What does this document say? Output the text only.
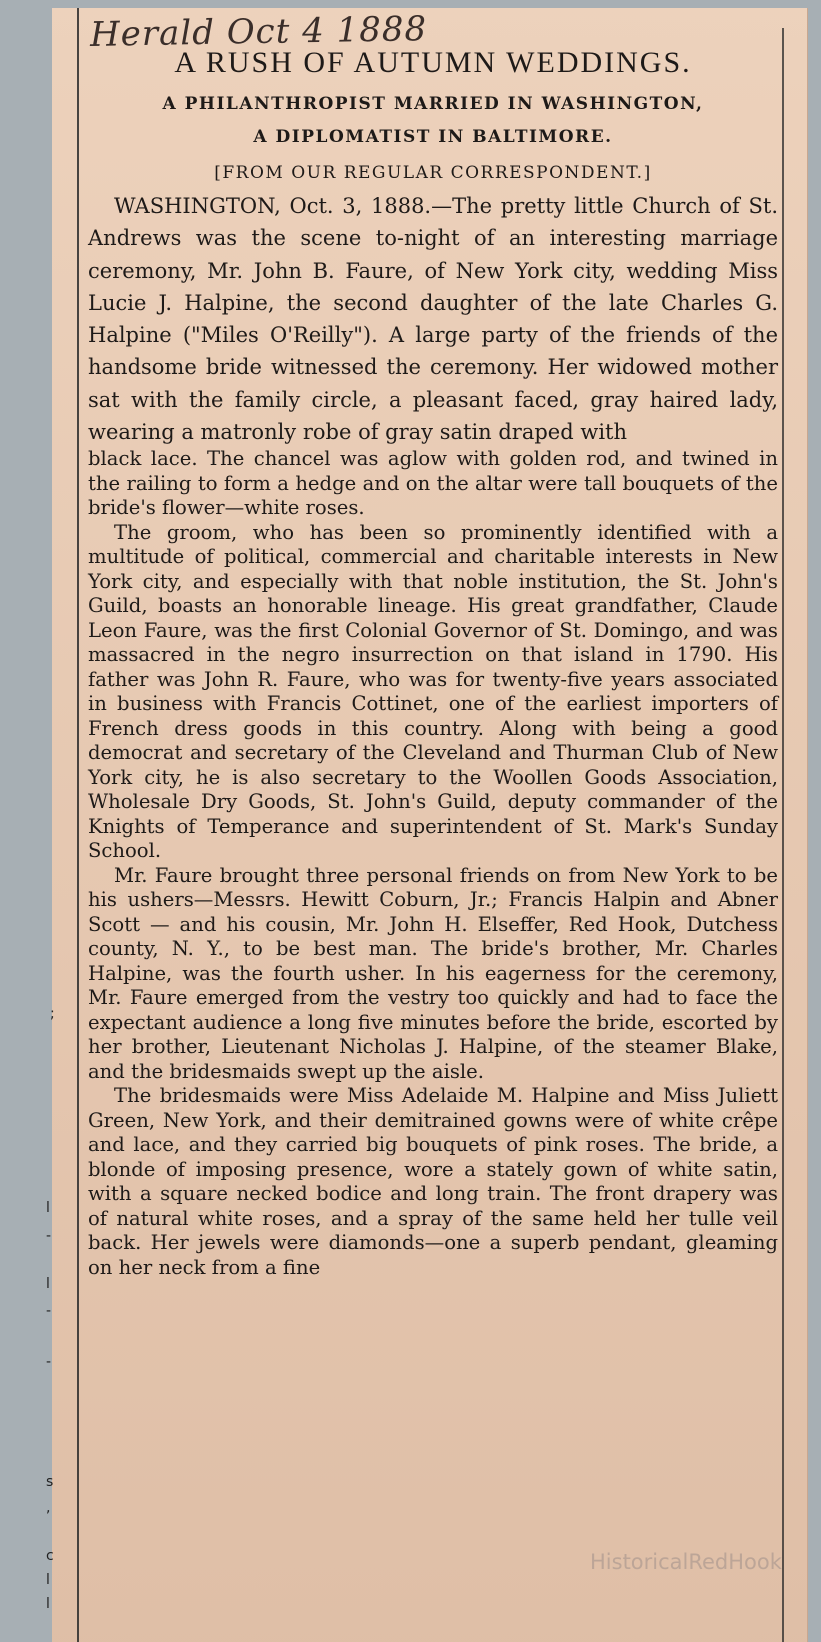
Herald Oct 4 1888
A RUSH OF AUTUMN WEDDINGS.
A PHILANTHROPIST MARRIED IN WASHINGTON,
A DIPLOMATIST IN BALTIMORE.
[FROM OUR REGULAR CORRESPONDENT.]

WASHINGTON, Oct. 3, 1888.—The pretty little Church of St. Andrews was the scene to-night of an interesting marriage ceremony, Mr. John B. Faure, of New York city, wedding Miss Lucie J. Halpine, the second daughter of the late Charles G. Halpine ("Miles O'Reilly"). A large party of the friends of the handsome bride witnessed the ceremony. Her widowed mother sat with the family circle, a pleasant faced, gray haired lady, wearing a matronly robe of gray satin draped with

black lace. The chancel was aglow with golden rod, and twined in the railing to form a hedge and on the altar were tall bouquets of the bride's flower—white roses.

The groom, who has been so prominently identified with a multitude of political, commercial and charitable interests in New York city, and especially with that noble institution, the St. John's Guild, boasts an honorable lineage. His great grandfather, Claude Leon Faure, was the first Colonial Governor of St. Domingo, and was massacred in the negro insurrection on that island in 1790. His father was John R. Faure, who was for twenty-five years associated in business with Francis Cottinet, one of the earliest importers of French dress goods in this country. Along with being a good democrat and secretary of the Cleveland and Thurman Club of New York city, he is also secretary to the Woollen Goods Association, Wholesale Dry Goods, St. John's Guild, deputy commander of the Knights of Temperance and superintendent of St. Mark's Sunday School.

Mr. Faure brought three personal friends on from New York to be his ushers—Messrs. Hewitt Coburn, Jr.; Francis Halpin and Abner Scott — and his cousin, Mr. John H. Elseffer, Red Hook, Dutchess county, N. Y., to be best man. The bride's brother, Mr. Charles Halpine, was the fourth usher. In his eagerness for the ceremony, Mr. Faure emerged from the vestry too quickly and had to face the expectant audience a long five minutes before the bride, escorted by her brother, Lieutenant Nicholas J. Halpine, of the steamer Blake, and the bridesmaids swept up the aisle.

The bridesmaids were Miss Adelaide M. Halpine and Miss Juliett Green, New York, and their demitrained gowns were of white crêpe and lace, and they carried big bouquets of pink roses. The bride, a blonde of imposing presence, wore a stately gown of white satin, with a square necked bodice and long train. The front drapery was of natural white roses, and a spray of the same held her tulle veil back. Her jewels were diamonds—one a superb pendant, gleaming on her neck from a fine

HistoricalRedHook
;
l
-
l
-
-
s
,
c
l
l
